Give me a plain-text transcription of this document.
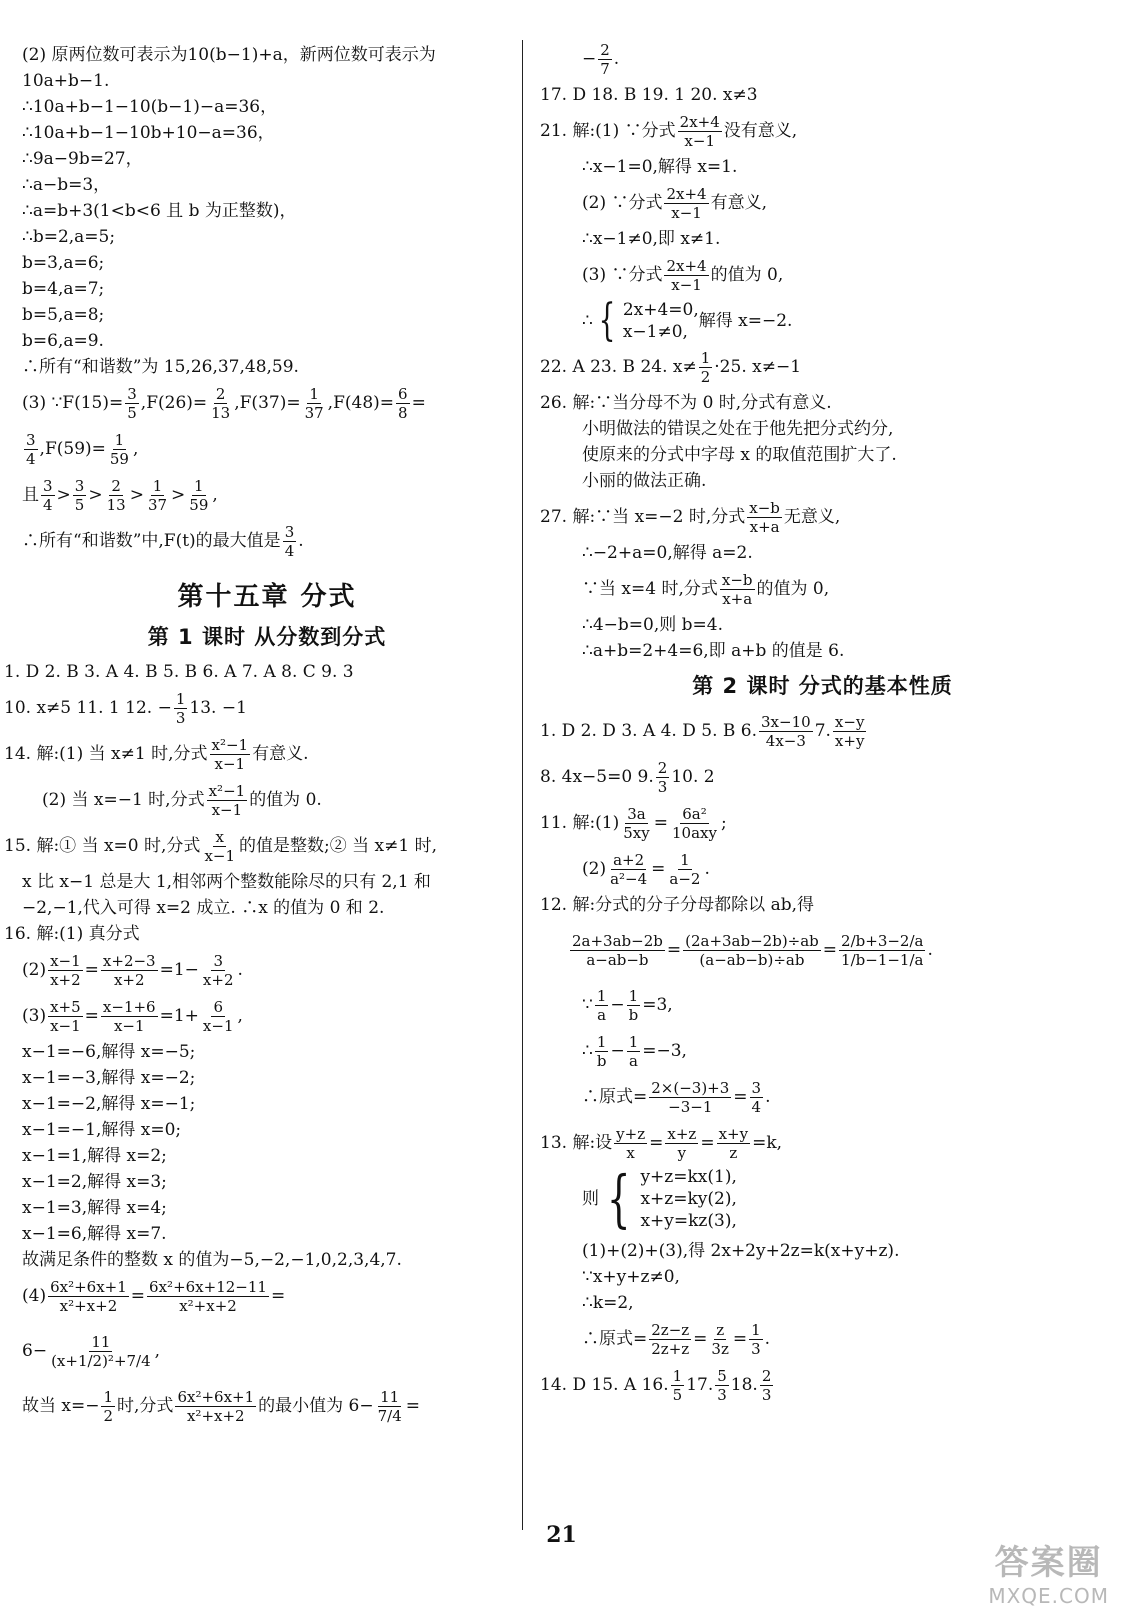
(2) 原两位数可表示为10(b−1)+a，新两位数可表示为
10a+b−1.
∴10a+b−1−10(b−1)−a=36，
∴10a+b−1−10b+10−a=36，
∴9a−9b=27，
∴a−b=3，
∴a=b+3(1<b<6 且 b 为正整数)，
∴b=2,a=5;
b=3,a=6;
b=4,a=7;
b=5,a=8;
b=6,a=9.
∴所有“和谐数”为 15,26,37,48,59.
(3) ∵F(15)= $\frac{3}{5} ,F(26)= \frac{2}{13} ,F(37)= \frac{1}{37} ,F(48)= \frac{6}{8}$ =
3
4 $,F(59)= \frac{1}{59}$ ,
且 3
4 > 3
5 > 2
13 > 1
37 > 1
59 ,
∴所有“和谐数”中,F(t)的最大值是 3
4 .
第十五章 分式
第 1 课时 从分数到分式
1. D 2. B 3. A 4. B 5. B 6. A 7. A 8. C 9. 3
10. x≠5 11. 1 12. − $\frac{1}{3} 13$. −1
14. 解:(1) 当 x≠1 时,分式 x²−1
x−1 有意义.
(2) 当 x=−1 时,分式 x²−1
x−1 的值为 0.
15. 解:① 当 x=0 时,分式 x
x−1 的值是整数;② 当 x≠1 时,
x 比 x−1 总是大 1,相邻两个整数能除尽的只有 2,1 和
−2,−1,代入可得 x=2 成立. ∴x 的值为 0 和 2.
16. 解:(1) 真分式
$(2) \frac{x-1}{x+2} = \frac{x+2-3}{x+2} =1- \frac{3}{x+2}$ .
$(3) \frac{x+5}{x-1} = \frac{x-1+6}{x-1} =1+ \frac{6}{x-1}$ ,
x−1=−6,解得 x=−5;
x−1=−3,解得 x=−2;
x−1=−2,解得 x=−1;
x−1=−1,解得 x=0;
x−1=1,解得 x=2;
x−1=2,解得 x=3;
x−1=3,解得 x=4;
x−1=6,解得 x=7.
故满足条件的整数 x 的值为−5,−2,−1,0,2,3,4,7.
$(4) \frac{\text{6x²+6x+1}}{\text{x²+x+2}} = \frac{\text{6x²+6x+12−11}}{\text{x²+x+2}}$ =
$6- \frac{11}{\text{(x+1/2)²+7/4}}$ ,
故当 $x=- \frac{1}{2}$ 时,分式 6x²+6x+1
x²+x+2 的最小值为 $6- \frac{11}{7/4}$ =
− $\frac{2}{7}$ .
17. D 18. B 19. 1 20. x≠3
21. 解:(1) ∵分式 2x+4
x−1 没有意义,
∴x−1=0,解得 x=1.
(2) ∵分式 2x+4
x−1 有意义,
∴x−1≠0,即 x≠1.
(3) ∵分式 2x+4
x−1 的值为 0,
∴ { 2x+4=0,
x−1≠0,
解得 x=−2.
22. A 23. B 24. x≠ 1
2 ·25. x≠−1
26. 解:∵当分母不为 0 时,分式有意义.
小明做法的错误之处在于他先把分式约分,
使原来的分式中字母 x 的取值范围扩大了.
小丽的做法正确.
27. 解:∵当 x=−2 时,分式 x−b
x+a 无意义,
∴−2+a=0,解得 a=2.
∵当 x=4 时,分式 x−b
x+a 的值为 0,
∴4−b=0,则 b=4.
∴a+b=2+4=6,即 a+b 的值是 6.
第 2 课时 分式的基本性质
1. D 2. D 3. A 4. D 5. B 6. 3x−10
4x−3 7. x−y
x+y
8. 4x−5=0 9. 2
3 10. 2
11. 解:(1) $\frac{3a}{5xy} = 6a^2$
10axy ;
$(2) \frac{a+2}{\text{a²−4}} = \frac{1}{a-2}$ .
12. 解:分式的分子分母都除以 ab,得
$\frac{2a+3ab-2b}{a-ab-b} = \frac{(2a+3ab-2b)\div ab}{(a-ab-b)\div ab} = \frac{2/b+3-2/a}{1/b-1-1/a}$ .
∵ 1
$a - \frac{1}{b} =3$,
∴ 1
$b - \frac{1}{a} =-3$,
∴原式= $\frac{2\times(-3)+3}{-3-1} = \frac{3}{4}$ .
13. 解:设 $\frac{y+z}{x} = \frac{x+z}{y} = \frac{x+y}{z} =k$,
则 { y+z=kx(1),
x+z=ky(2),
x+y=kz(3),
(1)+(2)+(3),得 2x+2y+2z=k(x+y+z).
∵x+y+z≠0,
∴k=2,
∴原式= $\frac{2z-z}{2z+z} = \frac{z}{3z} = \frac{1}{3}$ .
14. D 15. A 16. 1
5 17. 5
3 18. 2
3
21
答案圈
MXQE.COM
